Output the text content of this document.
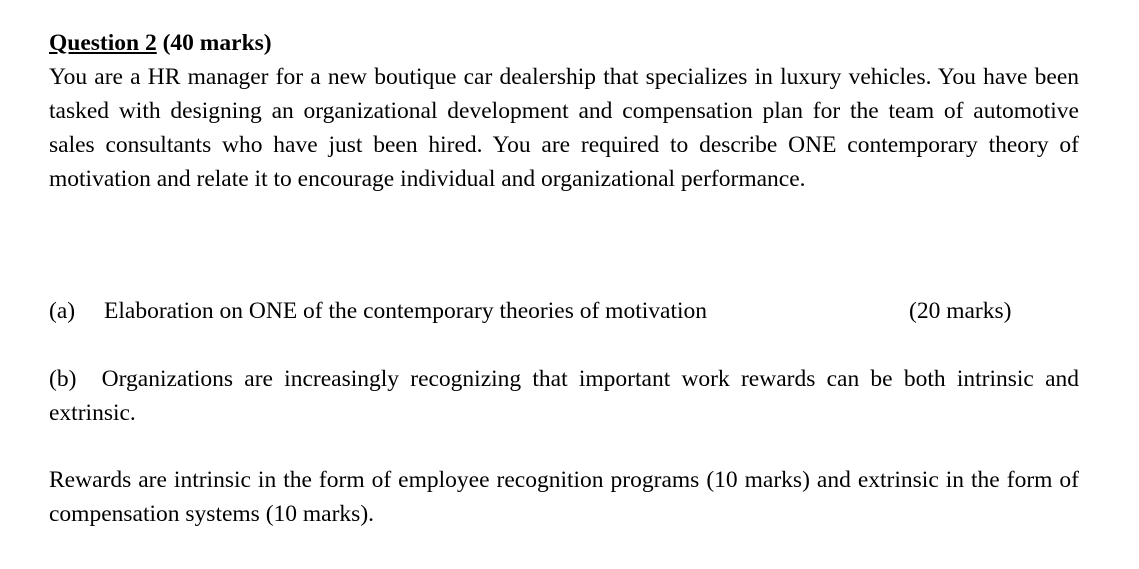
Question 2 (40 marks)

You are a HR manager for a new boutique car dealership that specializes in luxury vehicles. You have been tasked with designing an organizational development and compensation plan for the team of automotive sales consultants who have just been hired. You are required to describe ONE contemporary theory of motivation and relate it to encourage individual and organizational performance.

(a) Elaboration on ONE of the contemporary theories of motivation	(20 marks)

(b) Organizations are increasingly recognizing that important work rewards can be both intrinsic and extrinsic.

Rewards are intrinsic in the form of employee recognition programs (10 marks) and extrinsic in the form of compensation systems (10 marks).
